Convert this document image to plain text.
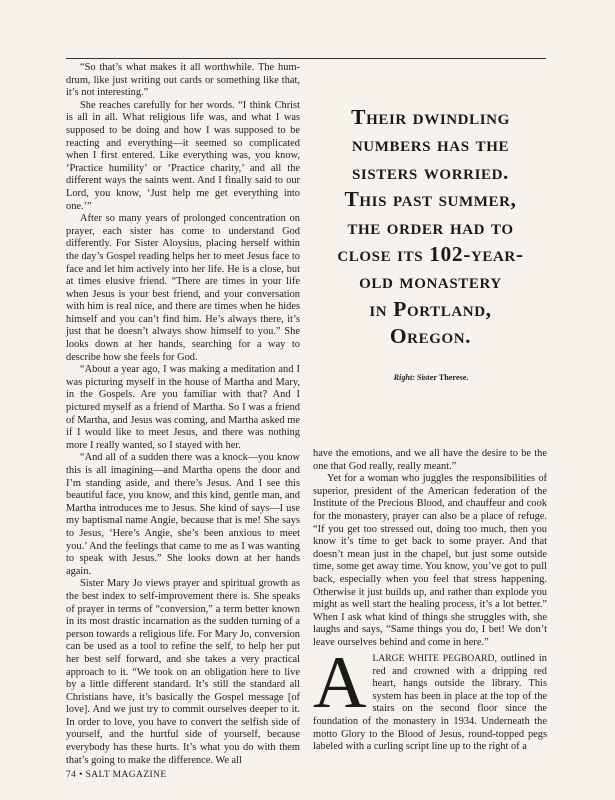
“So that’s what makes it all worthwhile. The hum-drum, like just writing out cards or something like that, it’s not interesting.”

She reaches carefully for her words. “I think Christ is all in all. What religious life was, and what I was supposed to be doing and how I was supposed to be reacting and everything—it seemed so complicated when I first entered. Like everything was, you know, ‘Practice humility’ or ‘Practice charity,’ and all the different ways the saints went. And I finally said to our Lord, you know, ‘Just help me get everything into one.’”

After so many years of prolonged concentration on prayer, each sister has come to understand God differently. For Sister Aloysius, placing herself within the day’s Gospel reading helps her to meet Jesus face to face and let him actively into her life. He is a close, but at times elusive friend. “There are times in your life when Jesus is your best friend, and your conversation with him is real nice, and there are times when he hides himself and you can’t find him. He’s always there, it’s just that he doesn’t always show himself to you.” She looks down at her hands, searching for a way to describe how she feels for God.

“About a year ago, I was making a meditation and I was picturing myself in the house of Martha and Mary, in the Gospels. Are you familiar with that? And I pictured myself as a friend of Martha. So I was a friend of Martha, and Jesus was coming, and Martha asked me if I would like to meet Jesus, and there was nothing more I really wanted, so I stayed with her.

“And all of a sudden there was a knock—you know this is all imagining—and Martha opens the door and I’m standing aside, and there’s Jesus. And I see this beautiful face, you know, and this kind, gentle man, and Martha introduces me to Jesus. She kind of says—I use my baptismal name Angie, because that is me! She says to Jesus, ‘Here’s Angie, she’s been anxious to meet you.’ And the feelings that came to me as I was wanting to speak with Jesus.” She looks down at her hands again.

Sister Mary Jo views prayer and spiritual growth as the best index to self-improvement there is. She speaks of prayer in terms of “conversion,” a term better known in its most drastic incarnation as the sudden turning of a person towards a religious life. For Mary Jo, conversion can be used as a tool to refine the self, to help her put her best self forward, and she takes a very practical approach to it. “We took on an obligation here to live by a little different standard. It’s still the standard all Christians have, it’s basically the Gospel message [of love]. And we just try to commit ourselves deeper to it. In order to love, you have to convert the selfish side of yourself, and the hurtful side of yourself, because everybody has these hurts. It’s what you do with them that’s going to make the difference. We all

Their dwindling
numbers has the
sisters worried.
This past summer,
the order had to
close its 102-year-
old monastery
in Portland,
Oregon.
Right: Sister Therese.

have the emotions, and we all have the desire to be the one that God really, really meant.”

Yet for a woman who juggles the responsibilities of superior, president of the American federation of the Institute of the Precious Blood, and chauffeur and cook for the monastery, prayer can also be a place of refuge. “If you get too stressed out, doing too much, then you know it’s time to get back to some prayer. And that doesn’t mean just in the chapel, but just some outside time, some get away time. You know, you’ve got to pull back, especially when you feel that stress happening. Otherwise it just builds up, and rather than explode you might as well start the healing process, it’s a lot better.” When I ask what kind of things she struggles with, she laughs and says, “Same things you do, I bet! We don’t leave ourselves behind and come in here.”

A LARGE WHITE PEGBOARD, outlined in red and crowned with a dripping red heart, hangs outside the library. This system has been in place at the top of the stairs on the second floor since the foundation of the monastery in 1934. Underneath the motto Glory to the Blood of Jesus, round-topped pegs labeled with a curling script line up to the right of a
74 • SALT MAGAZINE
